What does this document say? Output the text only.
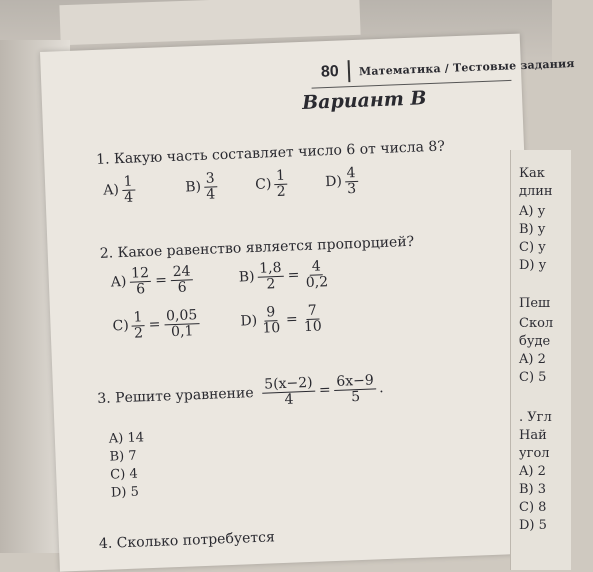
80 Математика / Тестовые задания
Вариант В
1. Какую часть составляет число 6 от числа 8?
$A) \frac{1}{4}$	$B) \frac{3}{4}$	$C) \frac{1}{2}$	$D) \frac{4}{3}$
2. Какое равенство является пропорцией?
$A) \frac{12}{6} = \frac{24}{6}$	$B) \frac{1,8}{2} = \frac{4}{0,2}$
$C) \frac{1}{2} = \frac{0,05}{0,1}$	$D) \frac{9}{10} = \frac{7}{10}$
3. Решите уравнение $\frac{5(x-2)}{4} = \frac{6x-9}{5}$ .
A) 14
B) 7
C) 4
D) 5
4. Сколько потребуется
Как
длин
A) у
B) у
C) у
D) у
Пеш
Скол
буде
A) 2
C) 5
. Угл
Най
угол
A) 2
B) 3
C) 8
D) 5
